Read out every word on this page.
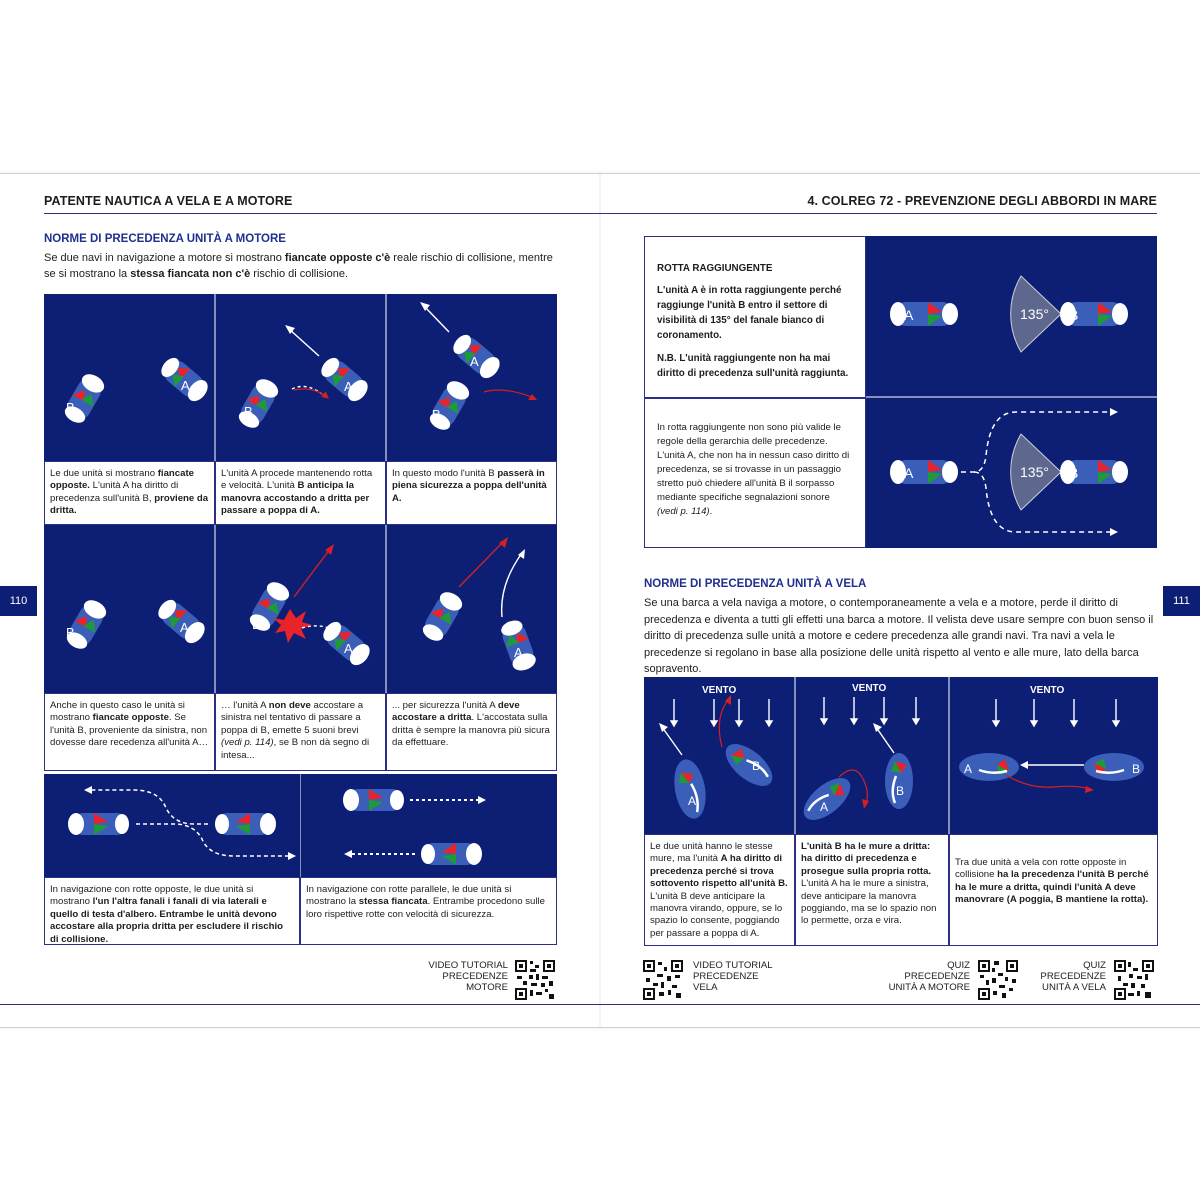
PATENTE NAUTICA A VELA E A MOTORE
NORME DI PRECEDENZA UNITÀ A MOTORE
Se due navi in navigazione a motore si mostrano fiancate opposte c'è reale rischio di collisione, mentre se si mostrano la stessa fiancata non c'è rischio di collisione.
B
A
B
A
B
A
Le due unità si mostrano fiancate opposte. L'unità A ha diritto di precedenza sull'unità B, proviene da dritta.
L'unità A procede mantenendo rotta e velocità. L'unità B anticipa la manovra accostando a dritta per passare a poppa di A.
In questo modo l'unità B passerà in piena sicurezza a poppa dell'unità A.
B	A	B
A
B
A
Anche in questo caso le unità si mostrano fiancate opposte. Se l'unità B, proveniente da sinistra, non dovesse dare recedenza all'unità A…
… l'unità A non deve accostare a sinistra nel tentativo di passare a poppa di B, emette 5 suoni brevi (vedi p. 114), se B non dà segno di intesa...
... per sicurezza l'unità A deve accostare a dritta. L'accostata sulla dritta è sempre la manovra più sicura da effettuare.
In navigazione con rotte opposte, le due unità si mostrano l'un l'altra fanali i fanali di via laterali e quello di testa d'albero. Entrambe le unità devono accostare alla propria dritta per escludere il rischio di collisione.
In navigazione con rotte parallele, le due unità si mostrano la stessa fiancata. Entrambe procedono sulle loro rispettive rotte con velocità di sicurezza.
VIDEO TUTORIAL
PRECEDENZE
MOTORE
110
4. COLREG 72 - PREVENZIONE DEGLI ABBORDI IN MARE
ROTTA RAGGIUNGENTE
L'unità A è in rotta raggiungente perché raggiunge l'unità B entro il settore di visibilità di 135° del fanale bianco di coronamento.
N.B. L'unità raggiungente non ha mai diritto di precedenza sull'unità raggiunta.
In rotta raggiungente non sono più valide le regole della gerarchia delle precedenze. L'unità A, che non ha in nessun caso diritto di precedenza, se si trovasse in un passaggio stretto può chiedere all'unità B il sorpasso mediante specifiche segnalazioni sonore (vedi p. 114).
135°
A	B
135°
A	B
NORME DI PRECEDENZA UNITÀ A VELA
Se una barca a vela naviga a motore, o contemporaneamente a vela e a motore, perde il diritto di precedenza e diventa a tutti gli effetti una barca a motore. Il velista deve usare sempre con buon senso il diritto di precedenza sulle unità a motore e cedere precedenza alle grandi navi. Tra navi a vela le precedenze si regolano in base alla posizione delle unità rispetto al vento e alle mure, lato della barca sopravento.
VENTO	VENTO	VENTO
A
B
A
B
A	B
Le due unità hanno le stesse mure, ma l'unità A ha diritto di precedenza perché si trova sottovento rispetto all'unità B. L'unità B deve anticipare la manovra virando, oppure, se lo spazio lo consente, poggiando per passare a poppa di A.
L'unità B ha le mure a dritta: ha diritto di precedenza e prosegue sulla propria rotta. L'unità A ha le mure a sinistra, deve anticipare la manovra poggiando, ma se lo spazio non lo permette, orza e vira.
Tra due unità a vela con rotte opposte in collisione ha la precedenza l'unità B perché ha le mure a dritta, quindi l'unità A deve manovrare (A poggia, B mantiene la rotta).
VIDEO TUTORIAL
PRECEDENZE
VELA
QUIZ
PRECEDENZE
UNITÀ A MOTORE
QUIZ
PRECEDENZE
UNITÀ A VELA
111
